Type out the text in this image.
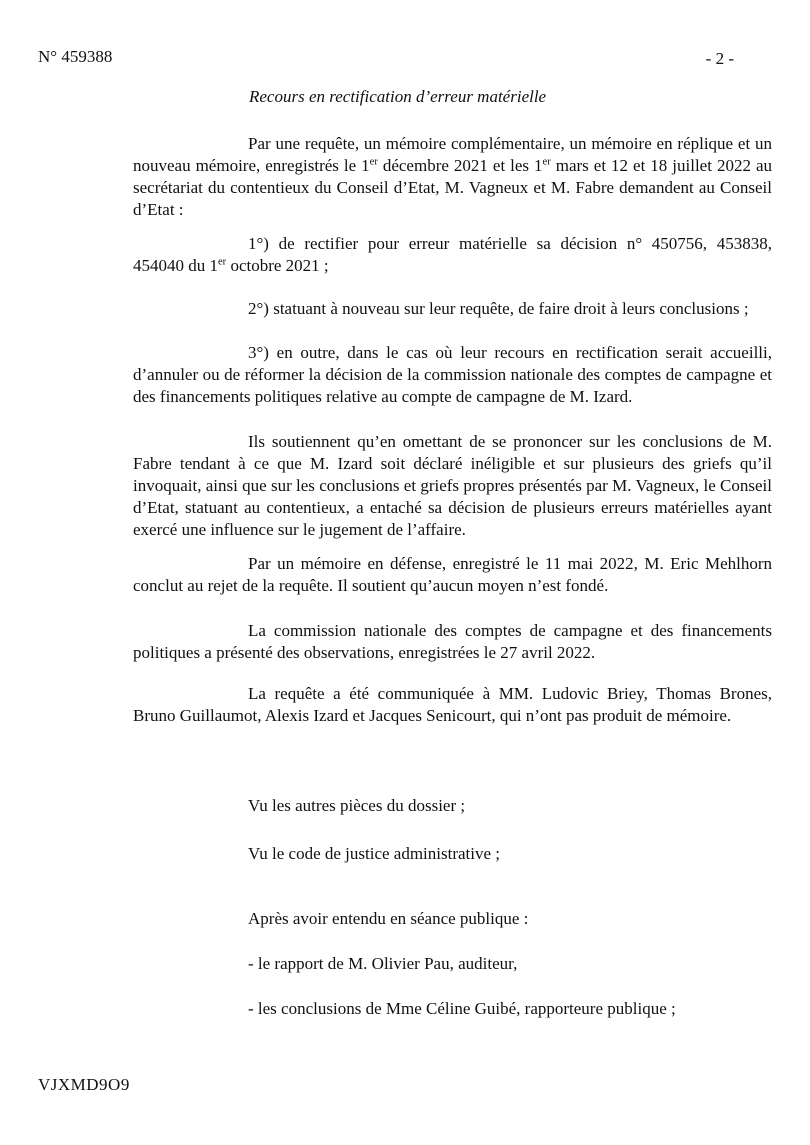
N° 459388	- 2 -
Recours en rectification d’erreur matérielle
Par une requête, un mémoire complémentaire, un mémoire en réplique et un nouveau mémoire, enregistrés le 1er décembre 2021 et les 1er mars et 12 et 18 juillet 2022 au secrétariat du contentieux du Conseil d’Etat, M. Vagneux et M. Fabre demandent au Conseil d’Etat :
1°) de rectifier pour erreur matérielle sa décision n° 450756, 453838, 454040 du 1er octobre 2021 ;
2°) statuant à nouveau sur leur requête, de faire droit à leurs conclusions ;
3°) en outre, dans le cas où leur recours en rectification serait accueilli, d’annuler ou de réformer la décision de la commission nationale des comptes de campagne et des financements politiques relative au compte de campagne de M. Izard.
Ils soutiennent qu’en omettant de se prononcer sur les conclusions de M. Fabre tendant à ce que M. Izard soit déclaré inéligible et sur plusieurs des griefs qu’il invoquait, ainsi que sur les conclusions et griefs propres présentés par M. Vagneux, le Conseil d’Etat, statuant au contentieux, a entaché sa décision de plusieurs erreurs matérielles ayant exercé une influence sur le jugement de l’affaire.
Par un mémoire en défense, enregistré le 11 mai 2022, M. Eric Mehlhorn conclut au rejet de la requête. Il soutient qu’aucun moyen n’est fondé.
La commission nationale des comptes de campagne et des financements politiques a présenté des observations, enregistrées le 27 avril 2022.
La requête a été communiquée à MM. Ludovic Briey, Thomas Brones, Bruno Guillaumot, Alexis Izard et Jacques Senicourt, qui n’ont pas produit de mémoire.
Vu les autres pièces du dossier ;
Vu le code de justice administrative ;
Après avoir entendu en séance publique :
- le rapport de M. Olivier Pau, auditeur,
- les conclusions de Mme Céline Guibé, rapporteure publique ;
VJXMD9O9
